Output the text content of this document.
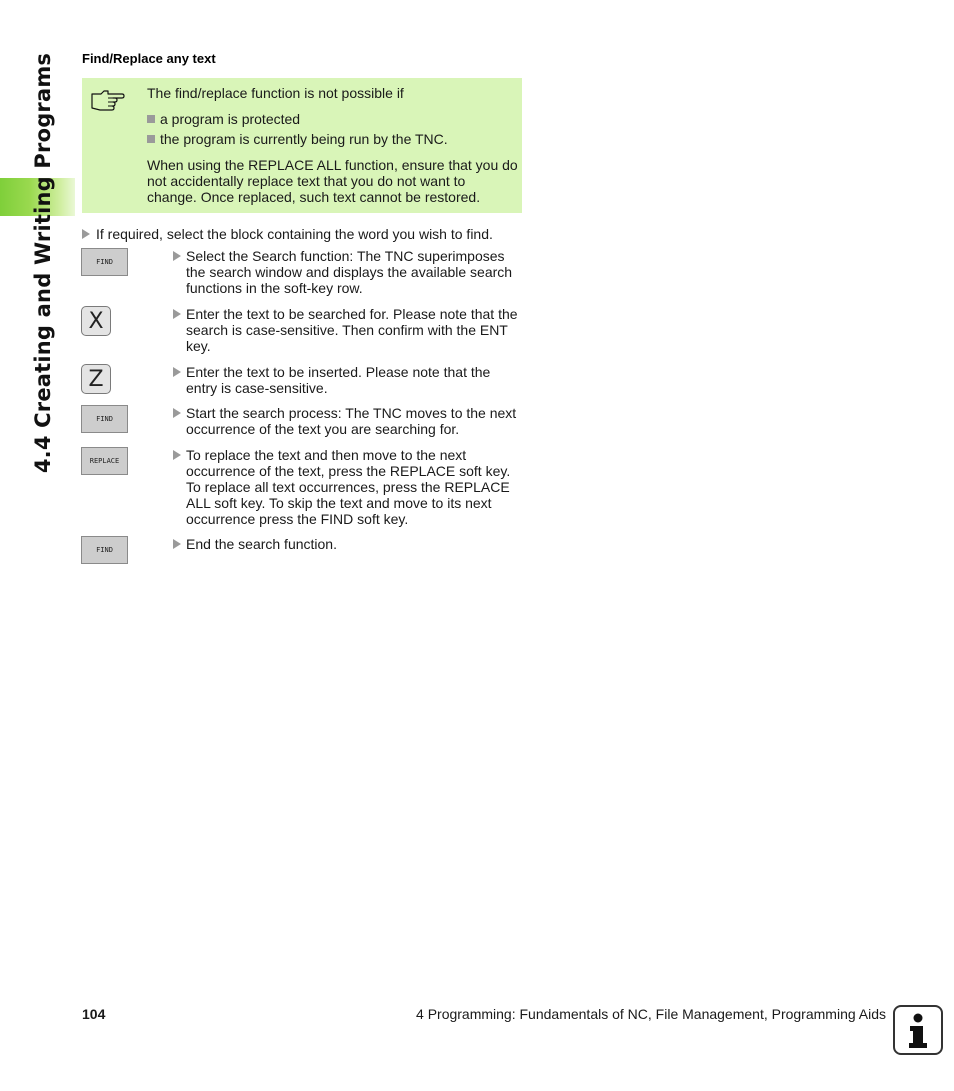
4.4 Creating and Writing Programs Find/Replace any text
The find/replace function is not possible if
a program is protected
the program is currently being run by the TNC.
When using the REPLACE ALL function, ensure that you do not accidentally replace text that you do not want to change. Once replaced, such text cannot be restored.
If required, select the block containing the word you wish to find.
FIND	Select the Search function: The TNC superimposes the search window and displays the available search functions in the soft-key row.
X	Enter the text to be searched for. Please note that the search is case-sensitive. Then confirm with the ENT key.
Z	Enter the text to be inserted. Please note that the entry is case-sensitive.
FIND	Start the search process: The TNC moves to the next occurrence of the text you are searching for.
REPLACE	To replace the text and then move to the next occurrence of the text, press the REPLACE soft key. To replace all text occurrences, press the REPLACE ALL soft key. To skip the text and move to its next occurrence press the FIND soft key.
FIND	End the search function.
104	4 Programming: Fundamentals of NC, File Management, Programming Aids
